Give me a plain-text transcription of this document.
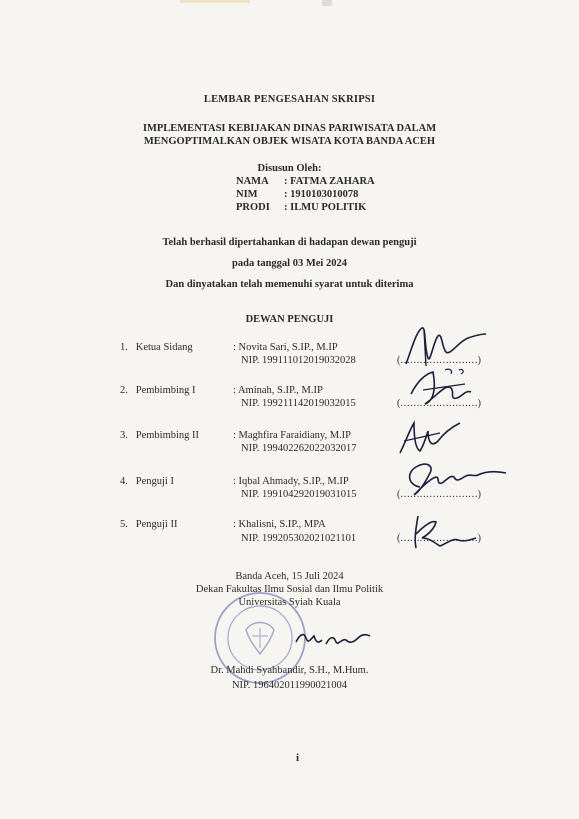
LEMBAR PENGESAHAN SKRIPSI
IMPLEMENTASI KEBIJAKAN DINAS PARIWISATA DALAM
MENGOPTIMALKAN OBJEK WISATA KOTA BANDA ACEH
Disusun Oleh:
NAMA : FATMA ZAHARA
NIM	: 1910103010078
PRODI : ILMU POLITIK
Telah berhasil dipertahankan di hadapan dewan penguji
pada tanggal 03 Mei 2024
Dan dinyatakan telah memenuhi syarat untuk diterima
DEWAN PENGUJI
1. Ketua Sidang	: Novita Sari, S.IP., M.IP
NIP. 199111012019032028	(……………………)
2. Pembimbing I	: Aminah, S.IP., M.IP
NIP. 199211142019032015	(……………………)
3. Pembimbing II	: Maghfira Faraidiany, M.IP
NIP. 199402262022032017
4. Penguji I	: Iqbal Ahmady, S.IP., M.IP
NIP. 199104292019031015	(……………………)
5. Penguji II	: Khalisni, S.IP., MPA
NIP. 199205302021021101	(……………………)
Banda Aceh, 15 Juli 2024
Dekan Fakultas Ilmu Sosial dan Ilmu Politik
Universitas Syiah Kuala
Dr. Mahdi Syahbandir, S.H., M.Hum.
NIP. 196402011990021004
i
